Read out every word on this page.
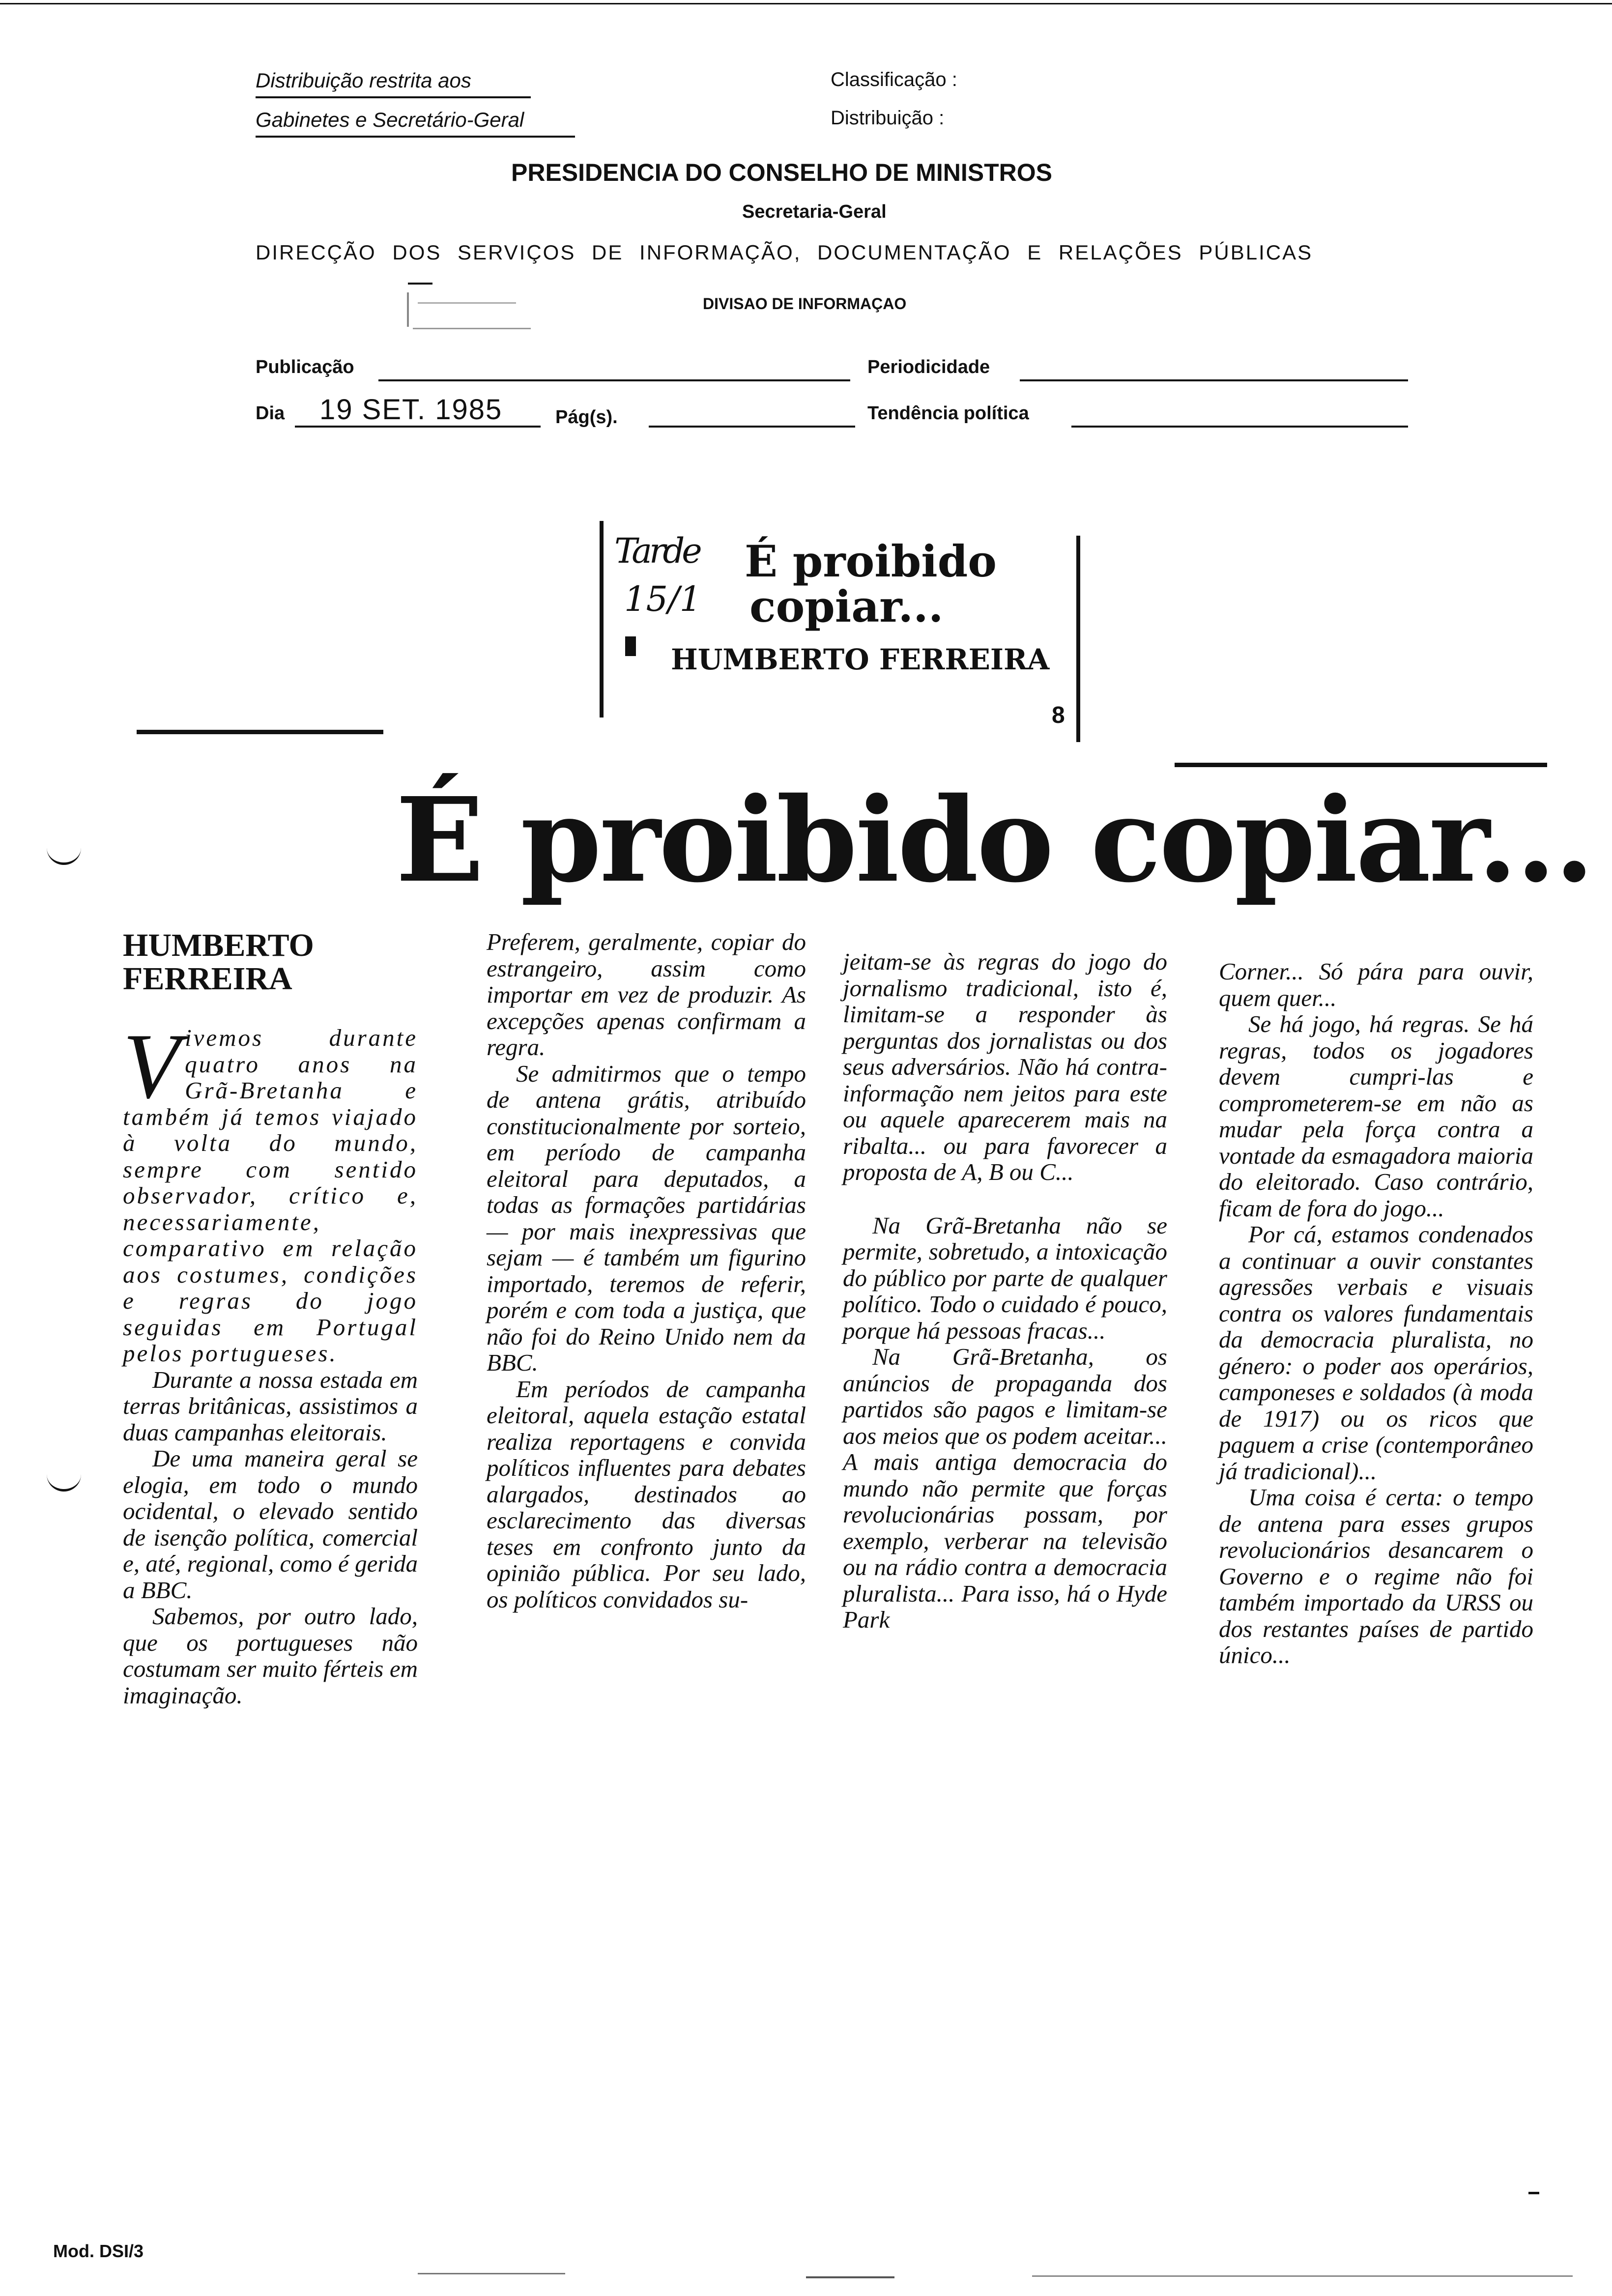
Distribuição restrita aos
Gabinetes e Secretário-Geral
Classificação :
Distribuição :
PRESIDENCIA DO CONSELHO DE MINISTROS
Secretaria-Geral
DIRECÇÃO DOS SERVIÇOS DE INFORMAÇÃO, DOCUMENTAÇÃO E RELAÇÕES PÚBLICAS
DIVISAO DE INFORMAÇAO
Publicação	Periodicidade
Dia 19 SET. 1985	Pág(s).	Tendência política
Tarde
15/1
É proibido
copiar...
HUMBERTO FERREIRA
8
É proibido copiar...
HUMBERTO
FERREIRA
V ivemos durante quatro anos na Grã-Bretanha e também já temos viajado à volta do mundo, sempre com sentido observador, crítico e, necessariamente, comparativo em relação aos costumes, condições e regras do jogo seguidas em Portugal pelos portugueses.

Durante a nossa estada em terras britânicas, assistimos a duas campanhas eleitorais.

De uma maneira geral se elogia, em todo o mundo ocidental, o elevado sentido de isenção política, comercial e, até, regional, como é gerida a BBC.

Sabemos, por outro lado, que os portugueses não costumam ser muito férteis em imaginação.

Preferem, geralmente, copiar do estrangeiro, assim como importar em vez de produzir. As excepções apenas confirmam a regra.

Se admitirmos que o tempo de antena grátis, atribuído constitucionalmente por sorteio, em período de campanha eleitoral para deputados, a todas as formações partidárias — por mais inexpressivas que sejam — é também um figurino importado, teremos de referir, porém e com toda a justiça, que não foi do Reino Unido nem da BBC.

Em períodos de campanha eleitoral, aquela estação estatal realiza reportagens e convida políticos influentes para debates alargados, destinados ao esclarecimento das diversas teses em confronto junto da opinião pública. Por seu lado, os políticos convidados su-

jeitam-se às regras do jogo do jornalismo tradicional, isto é, limitam-se a responder às perguntas dos jornalistas ou dos seus adversários. Não há contra-informação nem jeitos para este ou aquele aparecerem mais na ribalta... ou para favorecer a proposta de A, B ou C...

Na Grã-Bretanha não se permite, sobretudo, a intoxicação do público por parte de qualquer político. Todo o cuidado é pouco, porque há pessoas fracas...

Na Grã-Bretanha, os anúncios de propaganda dos partidos são pagos e limitam-se aos meios que os podem aceitar... A mais antiga democracia do mundo não permite que forças revolucionárias possam, por exemplo, verberar na televisão ou na rádio contra a democracia pluralista... Para isso, há o Hyde Park

Corner... Só pára para ouvir, quem quer...

Se há jogo, há regras. Se há regras, todos os jogadores devem cumpri-las e comprometerem-se em não as mudar pela força contra a vontade da esmagadora maioria do eleitorado. Caso contrário, ficam de fora do jogo...

Por cá, estamos condenados a continuar a ouvir constantes agressões verbais e visuais contra os valores fundamentais da democracia pluralista, no género: o poder aos operários, camponeses e soldados (à moda de 1917) ou os ricos que paguem a crise (contemporâneo já tradicional)...

Uma coisa é certa: o tempo de antena para esses grupos revolucionários desancarem o Governo e o regime não foi também importado da URSS ou dos restantes países de partido único...

Mod. DSI/3
